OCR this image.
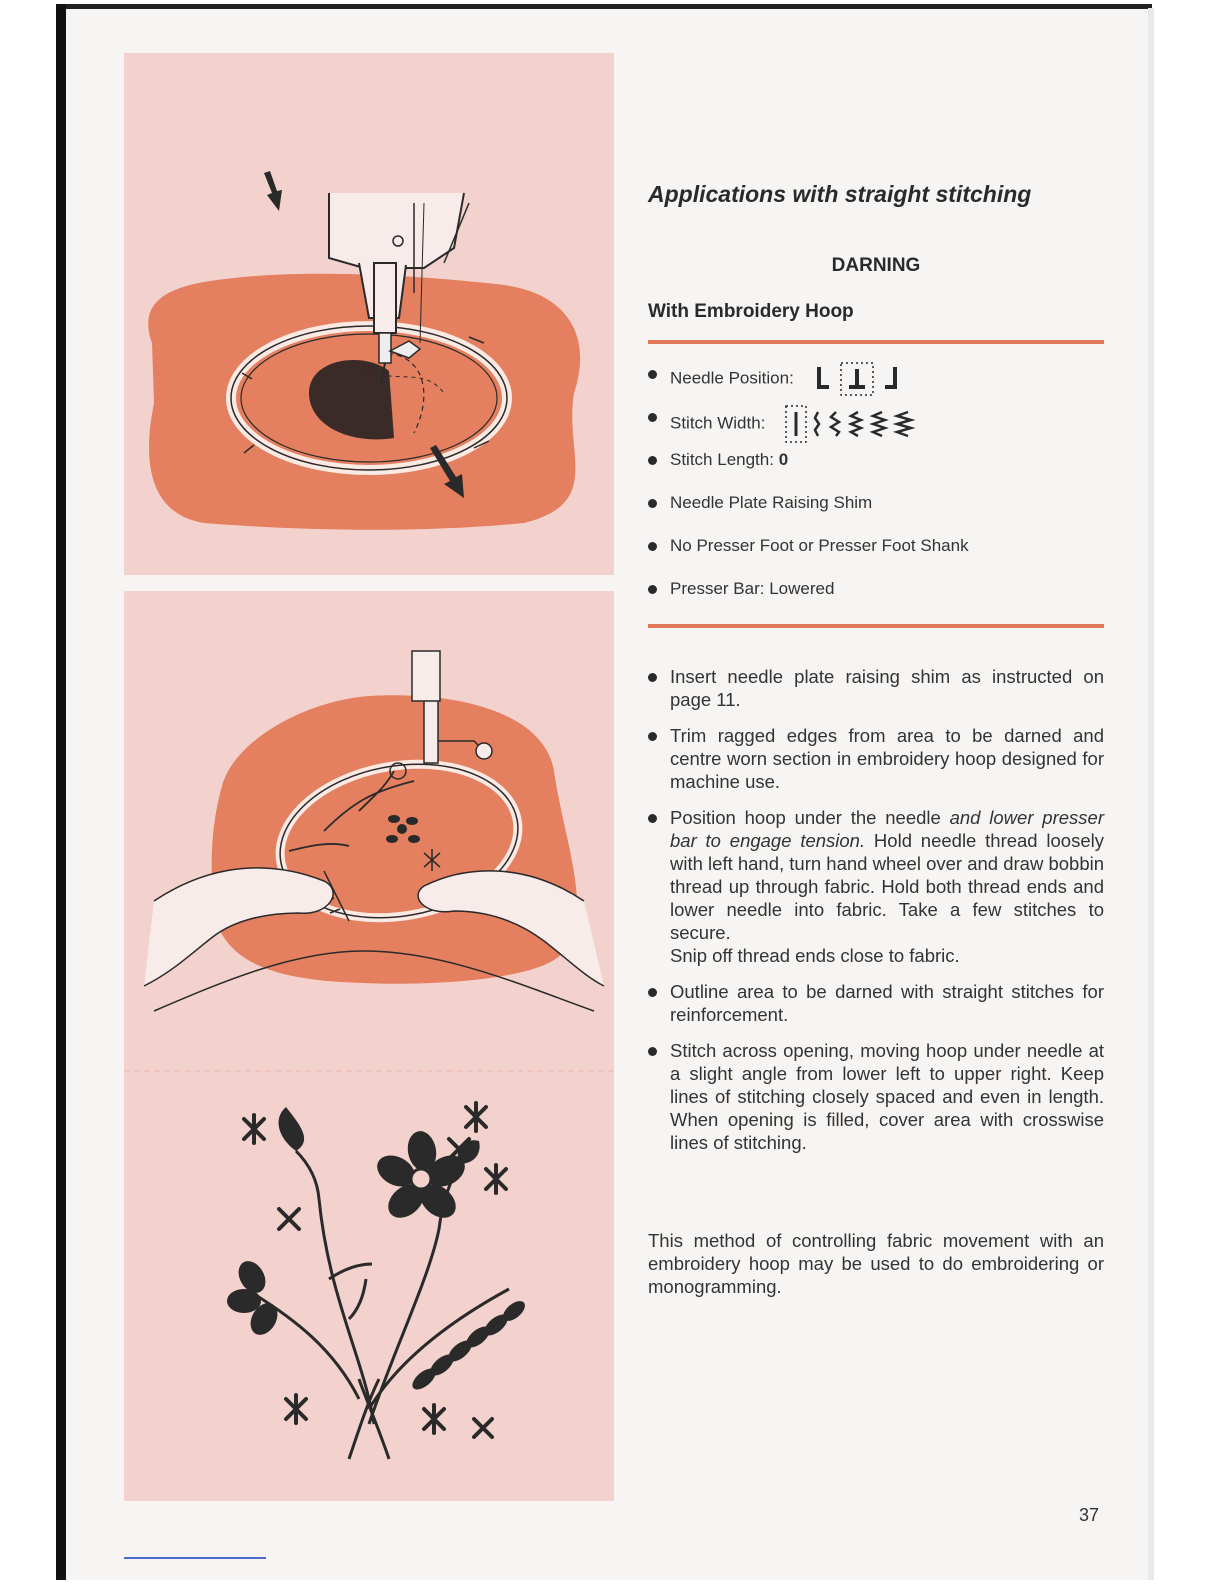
Applications with straight stitching
DARNING
With Embroidery Hoop
Needle Position:
Stitch Width:
Stitch Length: 0
Needle Plate Raising Shim
No Presser Foot or Presser Foot Shank
Presser Bar: Lowered
Insert needle plate raising shim as instructed on page 11.
Trim ragged edges from area to be darned and centre worn section in embroidery hoop designed for machine use.
Position hoop under the needle and lower presser bar to engage tension. Hold needle thread loosely with left hand, turn hand wheel over and draw bobbin thread up through fabric. Hold both thread ends and lower needle into fabric. Take a few stitches to secure.
Snip off thread ends close to fabric.
Outline area to be darned with straight stitches for reinforcement.
Stitch across opening, moving hoop under needle at a slight angle from lower left to upper right. Keep lines of stitching closely spaced and even in length. When opening is filled, cover area with crosswise lines of stitching.

This method of controlling fabric movement with an embroidery hoop may be used to do embroidering or monogramming.

37
